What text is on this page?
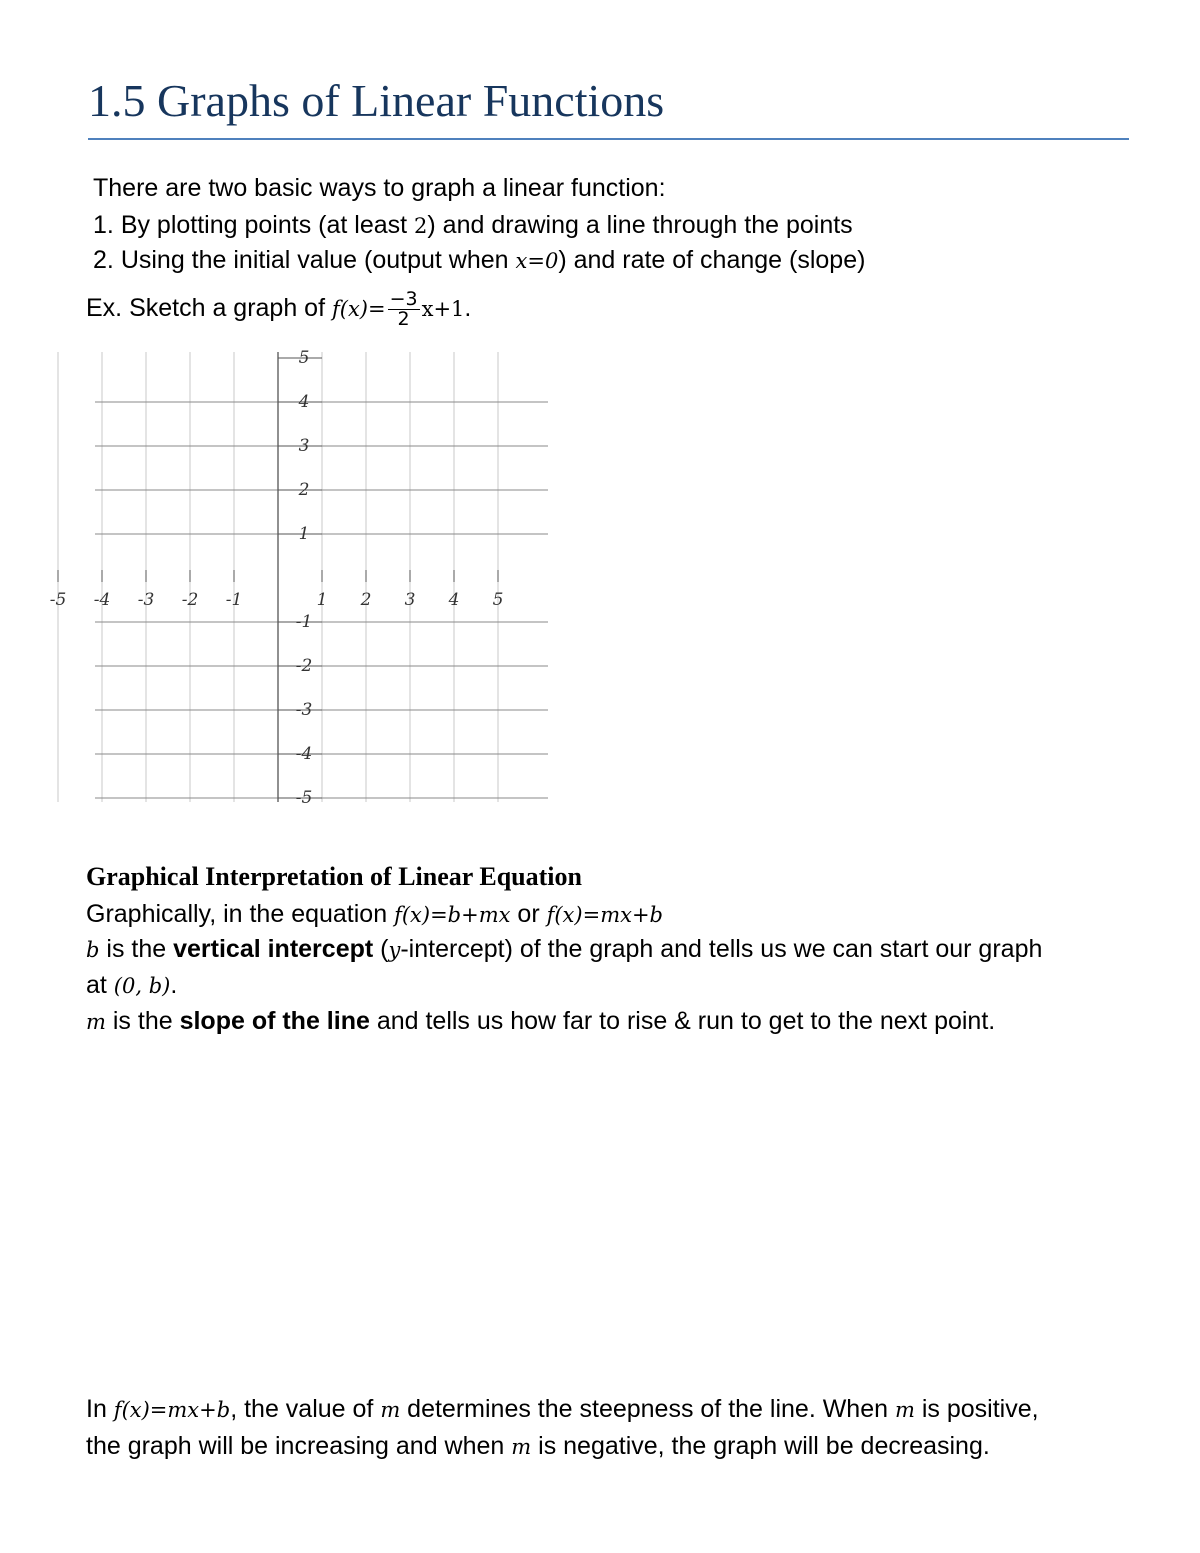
1.5 Graphs of Linear Functions
There are two basic ways to graph a linear function:
1. By plotting points (at least 2) and drawing a line through the points
2. Using the initial value (output when x=0) and rate of change (slope)
Ex. Sketch a graph of $f(x)= \frac{-3}{2} x+1$.
-5 -4 -3 -2 -1	1 2 3 4 5
5
4
3
2
1
-1
-2
-3
-4
-5
Graphical Interpretation of Linear Equation
Graphically, in the equation f(x)=b+mx or f(x)=mx+b
b is the vertical intercept (y-intercept) of the graph and tells us we can start our graph
at (0, b).
m is the slope of the line and tells us how far to rise & run to get to the next point.
In f(x)=mx+b, the value of m determines the steepness of the line. When m is positive,
the graph will be increasing and when m is negative, the graph will be decreasing.
